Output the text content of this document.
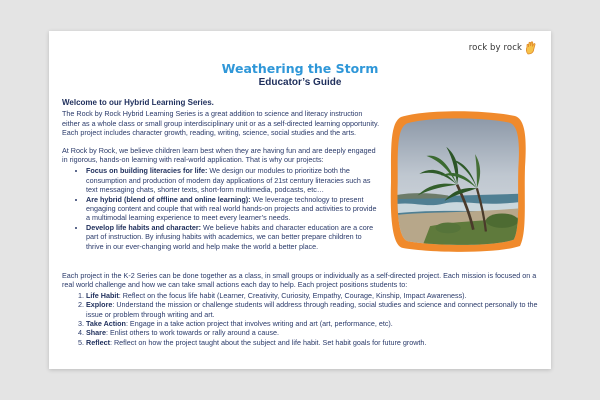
rock by rock
Weathering the Storm
Educator’s Guide
Welcome to our Hybrid Learning Series.

The Rock by Rock Hybrid Learning Series is a great addition to science and literacy instruction either as a whole class or small group interdisciplinary unit or as a self-directed learning opportunity. Each project includes character growth, reading, writing, science, social studies and the arts.

At Rock by Rock, we believe children learn best when they are having fun and are deeply engaged in rigorous, hands-on learning with real-world application. That is why our projects:

• Focus on building literacies for life: We design our modules to prioritize both the consumption and production of modern day applications of 21st century literacies such as text messaging chats, shorter texts, short-form multimedia, podcasts, etc…
• Are hybrid (blend of offline and online learning): We leverage technology to present engaging content and couple that with real world hands-on projects and activities to provide a multimodal learning experience to meet every learner’s needs.
• Develop life habits and character: We believe habits and character education are a core part of instruction. By infusing habits with academics, we can better prepare children to thrive in our ever-changing world and help make the world a better place.

Each project in the K-2 Series can be done together as a class, in small groups or individually as a self-directed project. Each mission is focused on a real world challenge and how we can take small actions each day to help. Each project positions students to:

1. Life Habit: Reflect on the focus life habit (Learner, Creativity, Curiosity, Empathy, Courage, Kinship, Impact Awareness).
2. Explore: Understand the mission or challenge students will address through reading, social studies and science and connect personally to the issue or problem through writing and art.
3. Take Action: Engage in a take action project that involves writing and art (art, performance, etc).
4. Share: Enlist others to work towards or rally around a cause.
5. Reflect: Reflect on how the project taught about the subject and life habit. Set habit goals for future growth.
